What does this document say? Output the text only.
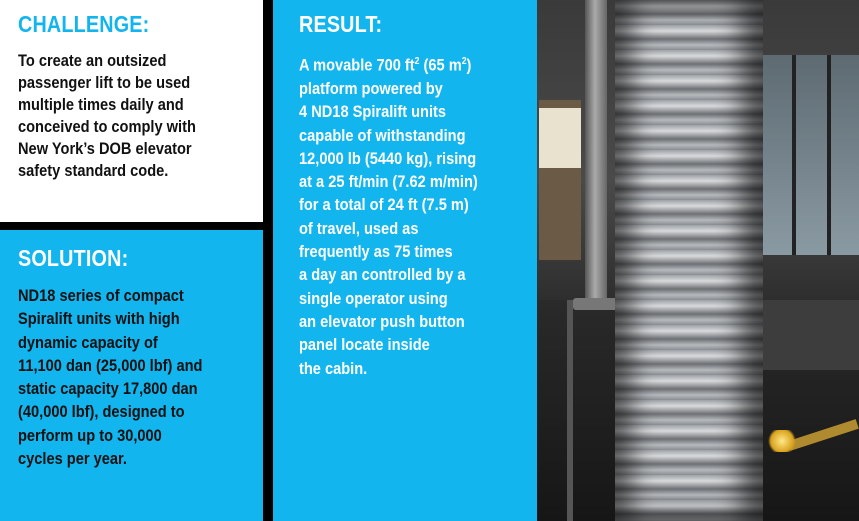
CHALLENGE:
To create an outsized
passenger lift to be used
multiple times daily and
conceived to comply with
New York’s DOB elevator
safety standard code.
SOLUTION:
ND18 series of compact
Spiralift units with high
dynamic capacity of
11,100 dan (25,000 lbf) and
static capacity 17,800 dan
(40,000 lbf), designed to
perform up to 30,000
cycles per year.
RESULT:
A movable 700 $ft^2$ (65 $m^2$)
platform powered by
4 ND18 Spiralift units
capable of withstanding
12,000 lb (5440 kg), rising
at a 25 ft/min (7.62 m/min)
for a total of 24 ft (7.5 m)
of travel, used as
frequently as 75 times
a day an controlled by a
single operator using
an elevator push button
panel locate inside
the cabin.
